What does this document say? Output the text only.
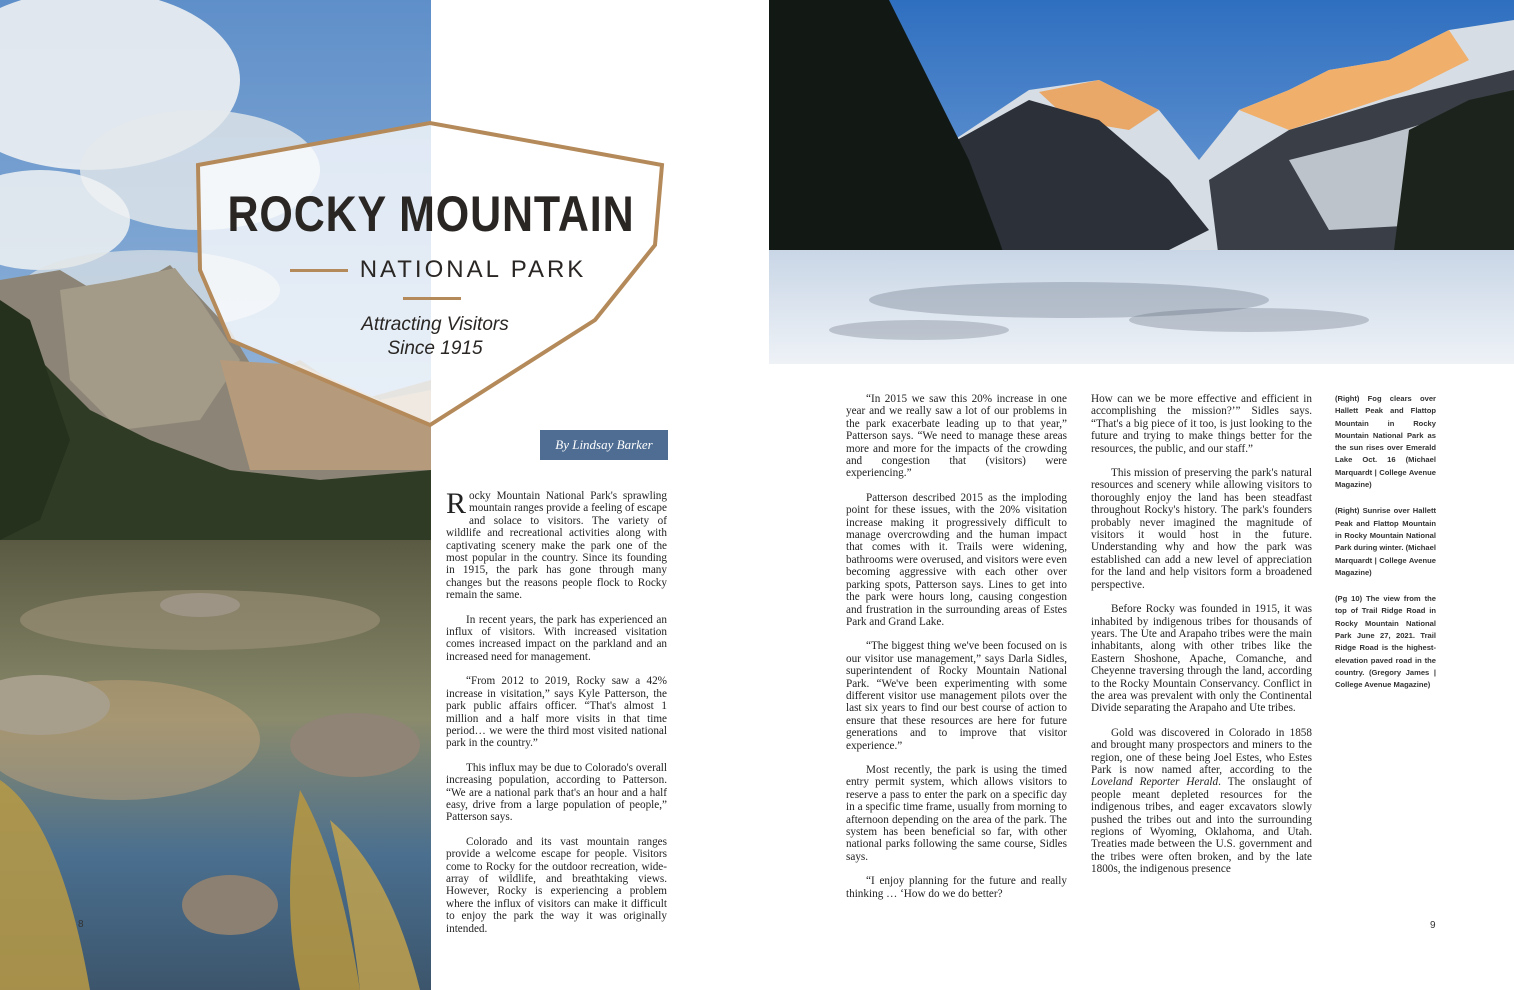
ROCKY MOUNTAIN
NATIONAL PARK
Attracting Visitors
Since 1915
By Lindsay Barker

Rocky Mountain National Park's sprawling mountain ranges provide a feeling of escape and solace to visitors. The variety of wildlife and recreational activities along with captivating scenery make the park one of the most popular in the country. Since its founding in 1915, the park has gone through many changes but the reasons people flock to Rocky remain the same.

In recent years, the park has experienced an influx of visitors. With increased visitation comes increased impact on the parkland and an increased need for management.

“From 2012 to 2019, Rocky saw a 42% increase in visitation,” says Kyle Patterson, the park public affairs officer. “That's almost 1 million and a half more visits in that time period… we were the third most visited national park in the country.”

This influx may be due to Colorado's overall increasing population, according to Patterson. “We are a national park that's an hour and a half easy, drive from a large population of people,” Patterson says.

Colorado and its vast mountain ranges provide a welcome escape for people. Visitors come to Rocky for the outdoor recreation, wide-array of wildlife, and breathtaking views. However, Rocky is experiencing a problem where the influx of visitors can make it difficult to enjoy the park the way it was originally intended.

8

“In 2015 we saw this 20% increase in one year and we really saw a lot of our problems in the park exacerbate leading up to that year,” Patterson says. “We need to manage these areas more and more for the impacts of the crowding and congestion that (visitors) were experiencing.”

Patterson described 2015 as the imploding point for these issues, with the 20% visitation increase making it progressively difficult to manage overcrowding and the human impact that comes with it. Trails were widening, bathrooms were overused, and visitors were even becoming aggressive with each other over parking spots, Patterson says. Lines to get into the park were hours long, causing congestion and frustration in the surrounding areas of Estes Park and Grand Lake.

“The biggest thing we've been focused on is our visitor use management,” says Darla Sidles, superintendent of Rocky Mountain National Park. “We've been experimenting with some different visitor use management pilots over the last six years to find our best course of action to ensure that these resources are here for future generations and to improve that visitor experience.”

Most recently, the park is using the timed entry permit system, which allows visitors to reserve a pass to enter the park on a specific day in a specific time frame, usually from morning to afternoon depending on the area of the park. The system has been beneficial so far, with other national parks following the same course, Sidles says.

“I enjoy planning for the future and really thinking … ‘How do we do better?

How can we be more effective and efficient in accomplishing the mission?’” Sidles says. “That's a big piece of it too, is just looking to the future and trying to make things better for the resources, the public, and our staff.”

This mission of preserving the park's natural resources and scenery while allowing visitors to thoroughly enjoy the land has been steadfast throughout Rocky's history. The park's founders probably never imagined the magnitude of visitors it would host in the future. Understanding why and how the park was established can add a new level of appreciation for the land and help visitors form a broadened perspective.

Before Rocky was founded in 1915, it was inhabited by indigenous tribes for thousands of years. The Ute and Arapaho tribes were the main inhabitants, along with other tribes like the Eastern Shoshone, Apache, Comanche, and Cheyenne traversing through the land, according to the Rocky Mountain Conservancy. Conflict in the area was prevalent with only the Continental Divide separating the Arapaho and Ute tribes.

Gold was discovered in Colorado in 1858 and brought many prospectors and miners to the region, one of these being Joel Estes, who Estes Park is now named after, according to the Loveland Reporter Herald. The onslaught of people meant depleted resources for the indigenous tribes, and eager excavators slowly pushed the tribes out and into the surrounding regions of Wyoming, Oklahoma, and Utah. Treaties made between the U.S. government and the tribes were often broken, and by the late 1800s, the indigenous presence

(Right) Fog clears over Hallett Peak and Flattop Mountain in Rocky Mountain National Park as the sun rises over Emerald Lake Oct. 16 (Michael Marquardt | College Avenue Magazine)

(Right) Sunrise over Hallett Peak and Flattop Mountain in Rocky Mountain National Park during winter. (Michael Marquardt | College Avenue Magazine)

(Pg 10) The view from the top of Trail Ridge Road in Rocky Mountain National Park June 27, 2021. Trail Ridge Road is the highest-elevation paved road in the country. (Gregory James | College Avenue Magazine)

9
